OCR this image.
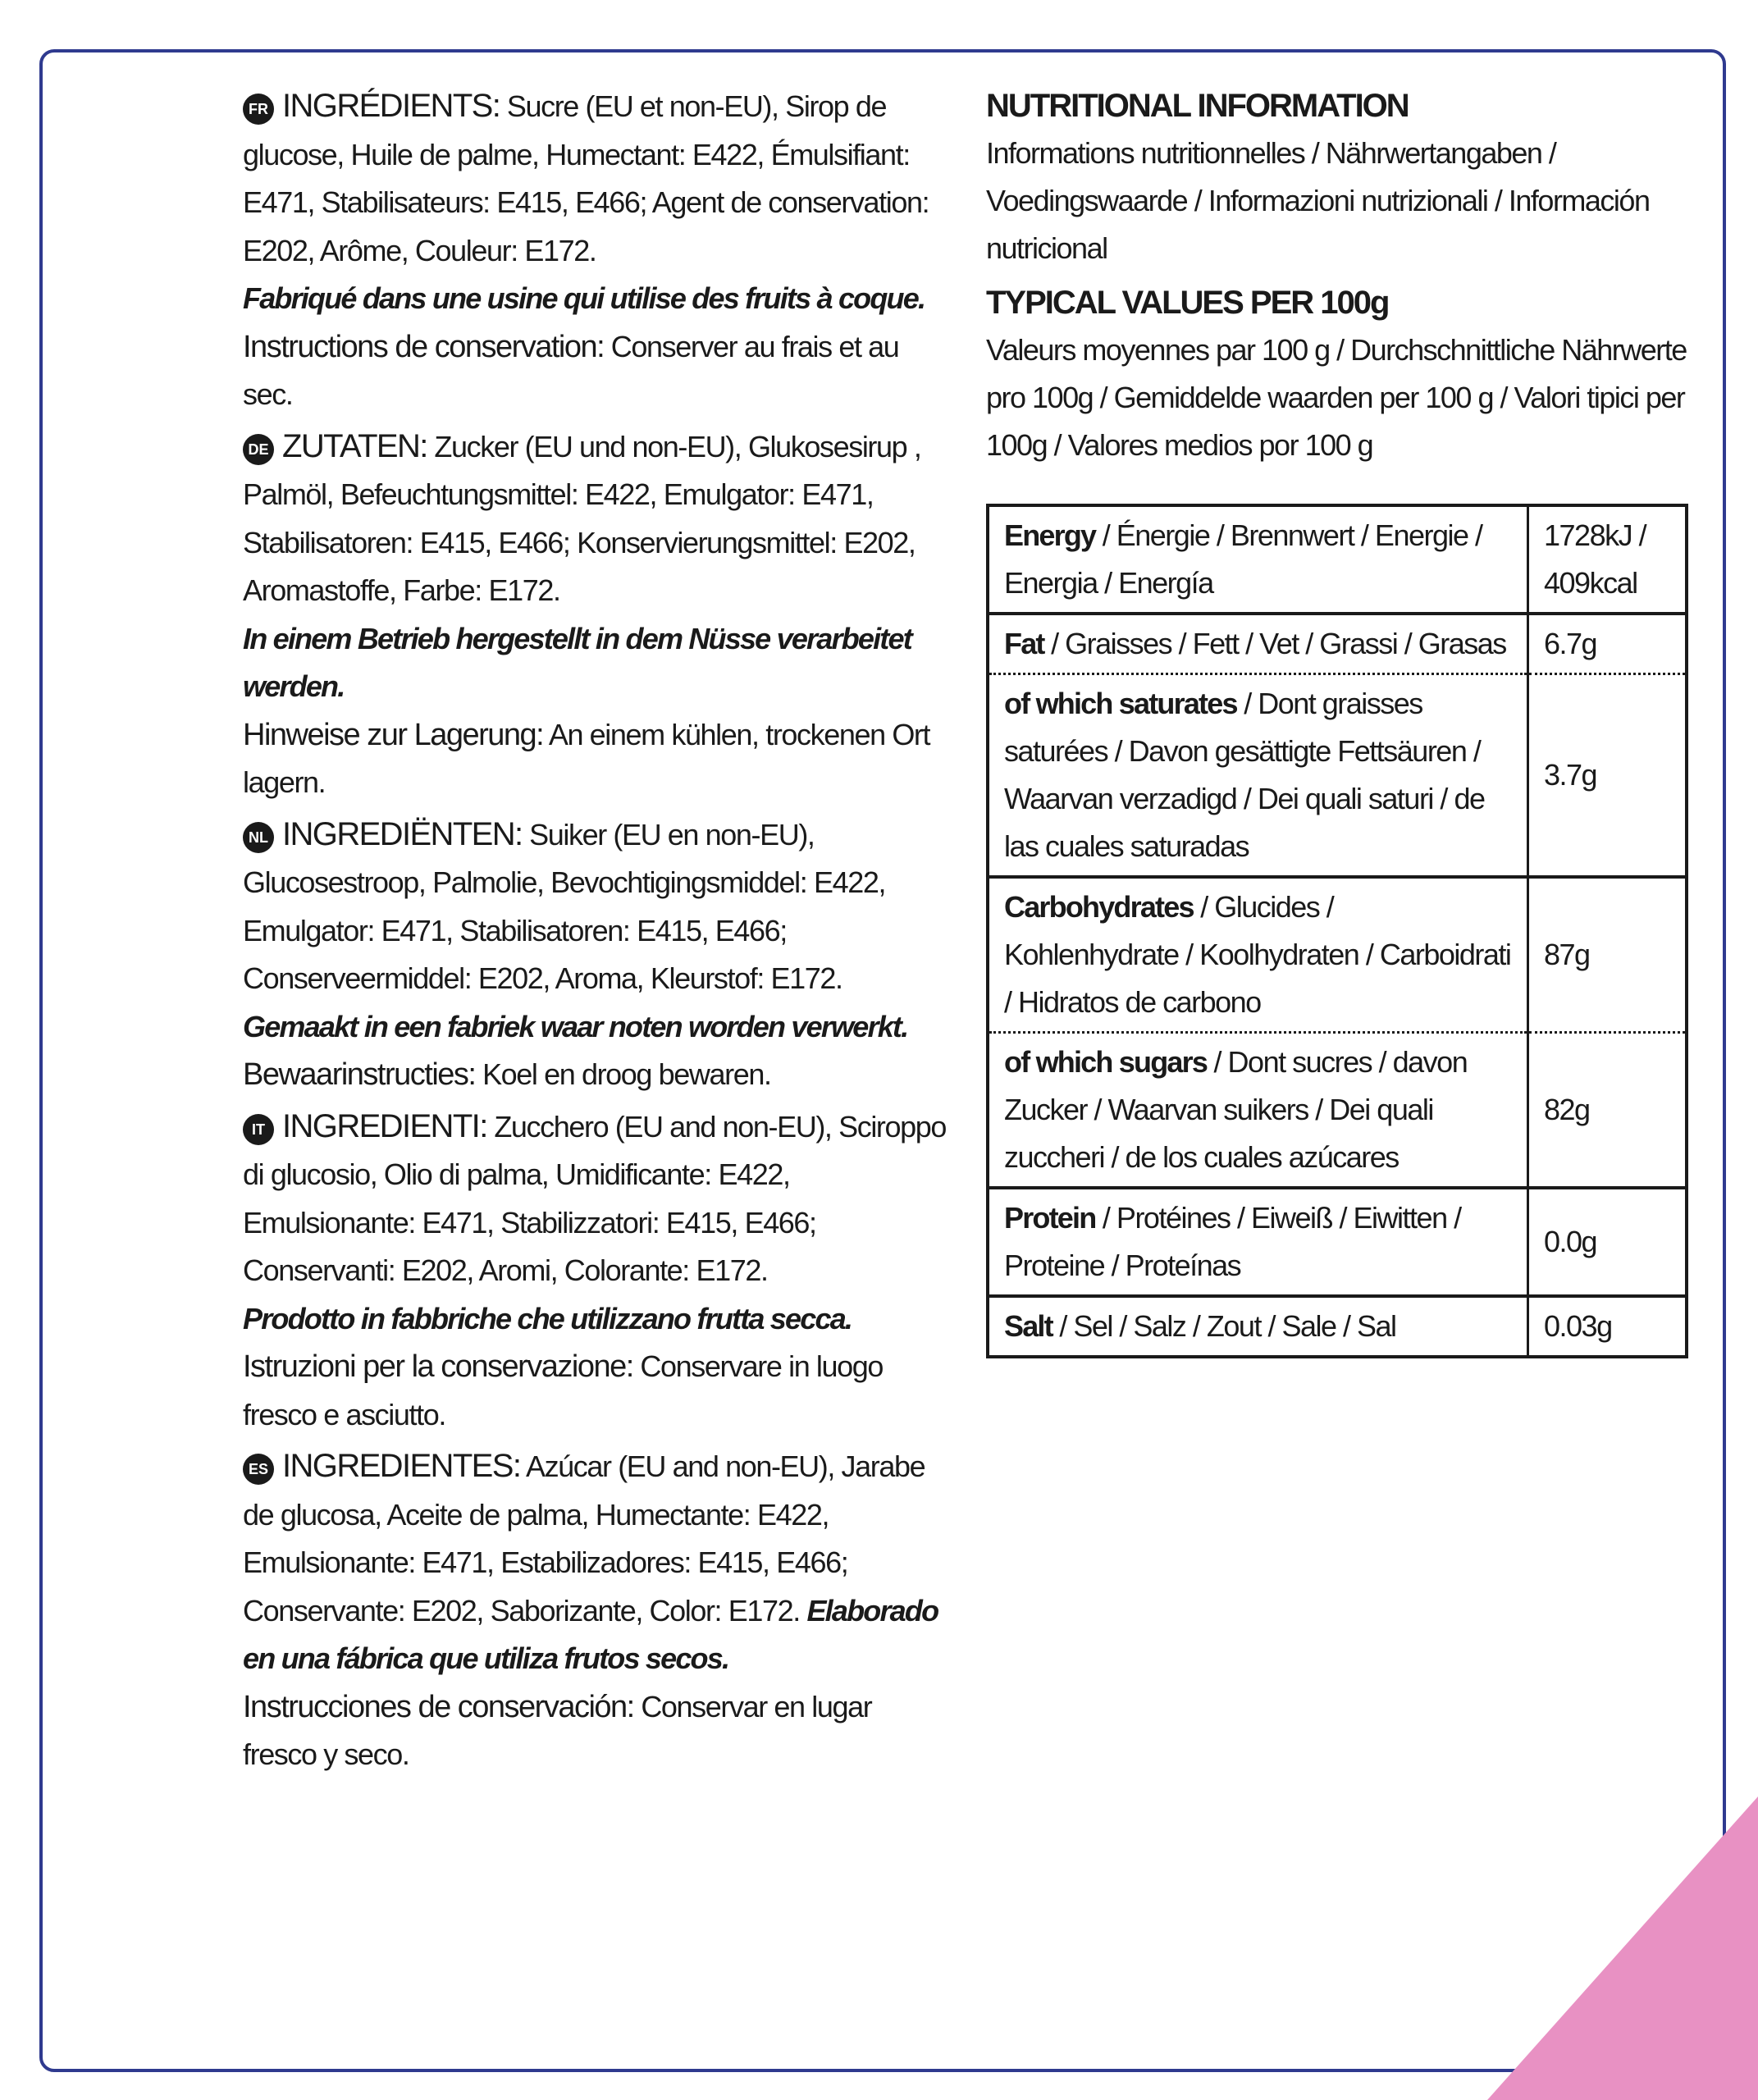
FR INGRÉDIENTS: Sucre (EU et non-EU), Sirop de glucose, Huile de palme, Humectant: E422, Émulsifiant: E471, Stabilisateurs: E415, E466; Agent de conservation: E202, Arôme, Couleur: E172.
Fabriqué dans une usine qui utilise des fruits à coque.
Instructions de conservation: Conserver au frais et au sec.

DE ZUTATEN: Zucker (EU und non-EU), Glukosesirup , Palmöl, Befeuchtungsmittel: E422, Emulgator: E471, Stabilisatoren: E415, E466; Konservierungsmittel: E202, Aromastoffe, Farbe: E172.
In einem Betrieb hergestellt in dem Nüsse verarbeitet werden.
Hinweise zur Lagerung: An einem kühlen, trockenen Ort lagern.

NL INGREDIËNTEN: Suiker (EU en non-EU), Glucosestroop, Palmolie, Bevochtigingsmiddel: E422, Emulgator: E471, Stabilisatoren: E415, E466; Conserveermiddel: E202, Aroma, Kleurstof: E172.
Gemaakt in een fabriek waar noten worden verwerkt.
Bewaarinstructies: Koel en droog bewaren.

IT INGREDIENTI: Zucchero (EU and non-EU), Sciroppo di glucosio, Olio di palma, Umidificante: E422, Emulsionante: E471, Stabilizzatori: E415, E466; Conservanti: E202, Aromi, Colorante: E172.
Prodotto in fabbriche che utilizzano frutta secca.
Istruzioni per la conservazione: Conservare in luogo fresco e asciutto.

ES INGREDIENTES: Azúcar (EU and non-EU), Jarabe de glucosa, Aceite de palma, Humectante: E422, Emulsionante: E471, Estabilizadores: E415, E466; Conservante: E202, Saborizante, Color: E172. Elaborado en una fábrica que utiliza frutos secos.
Instrucciones de conservación: Conservar en lugar fresco y seco.

NUTRITIONAL INFORMATION

Informations nutritionnelles / Nährwertangaben / Voedingswaarde / Informazioni nutrizionali / Información nutricional

TYPICAL VALUES PER 100g

Valeurs moyennes par 100 g / Durchschnittliche Nährwerte pro 100g / Gemiddelde waarden per 100 g / Valori tipici per 100g / Valores medios por 100 g

Energy / Énergie / Brennwert / Energie / Energia / Energía	1728kJ / 409kcal
Fat / Graisses / Fett / Vet / Grassi / Grasas	6.7g
of which saturates / Dont graisses saturées / Davon gesättigte Fettsäuren / Waarvan verzadigd / Dei quali saturi / de las cuales saturadas	3.7g
Carbohydrates / Glucides / Kohlenhydrate / Koolhydraten / Carboidrati / Hidratos de carbono	87g
of which sugars / Dont sucres / davon Zucker / Waarvan suikers / Dei quali zuccheri / de los cuales azúcares	82g
Protein / Protéines / Eiweiß / Eiwitten / Proteine / Proteínas	0.0g
Salt / Sel / Salz / Zout / Sale / Sal	0.03g
